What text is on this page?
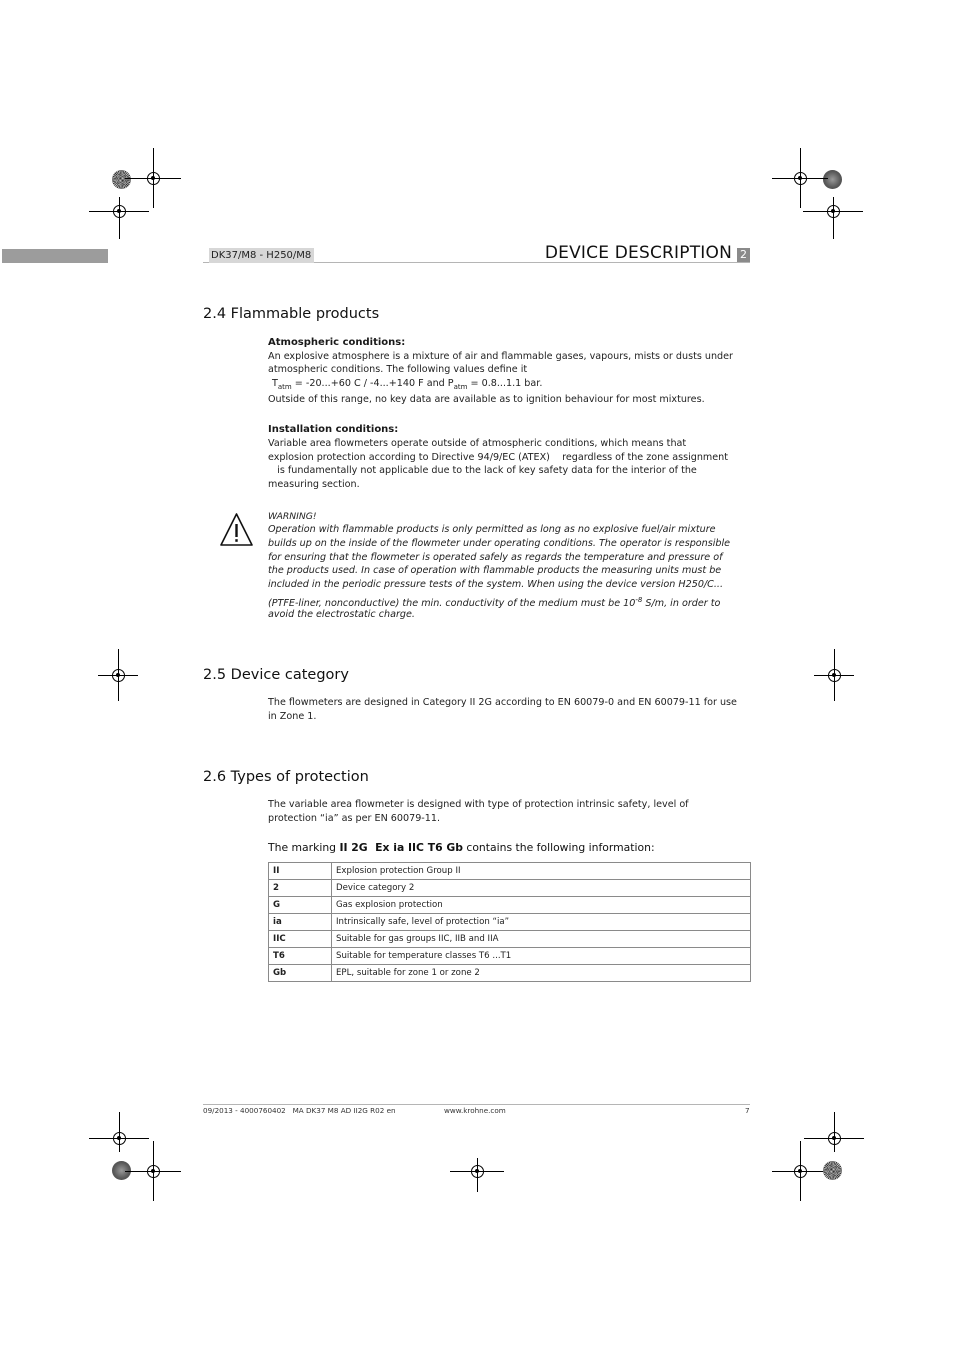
DK37/M8 - H250/M8	DEVICE DESCRIPTION 2
2.4 Flammable products
Atmospheric conditions:
An explosive atmosphere is a mixture of air and flammable gases, vapours, mists or dusts under
atmospheric conditions. The following values define it
$T_{atm} = -20...+60$ C / -4...+140 F and $P_{atm} = 0.8...1.1$ bar.
Outside of this range, no key data are available as to ignition behaviour for most mixtures.
Installation conditions:
Variable area flowmeters operate outside of atmospheric conditions, which means that
explosion protection according to Directive 94/9/EC (ATEX)    regardless of the zone assignment
is fundamentally not applicable due to the lack of key safety data for the interior of the
measuring section.
WARNING!
Operation with flammable products is only permitted as long as no explosive fuel/air mixture
builds up on the inside of the flowmeter under operating conditions. The operator is responsible
for ensuring that the flowmeter is operated safely as regards the temperature and pressure of
the products used. In case of operation with flammable products the measuring units must be
included in the periodic pressure tests of the system. When using the device version H250/C...
(PTFE-liner, nonconductive) the min. conductivity of the medium must be $10^{-8}$ S/m, in order to
avoid the electrostatic charge.
2.5 Device category
The flowmeters are designed in Category II 2G according to EN 60079-0 and EN 60079-11 for use
in Zone 1.
2.6 Types of protection
The variable area flowmeter is designed with type of protection intrinsic safety, level of
protection “ia” as per EN 60079-11.
The marking II 2G  Ex ia IIC T6 Gb contains the following information:
II	Explosion protection Group II
2	Device category 2
G	Gas explosion protection
ia	Intrinsically safe, level of protection “ia”
IIC	Suitable for gas groups IIC, IIB and IIA
T6	Suitable for temperature classes T6 ...T1
Gb	EPL, suitable for zone 1 or zone 2
09/2013 - 4000760402   MA DK37 M8 AD II2G R02 en	www.krohne.com	7
